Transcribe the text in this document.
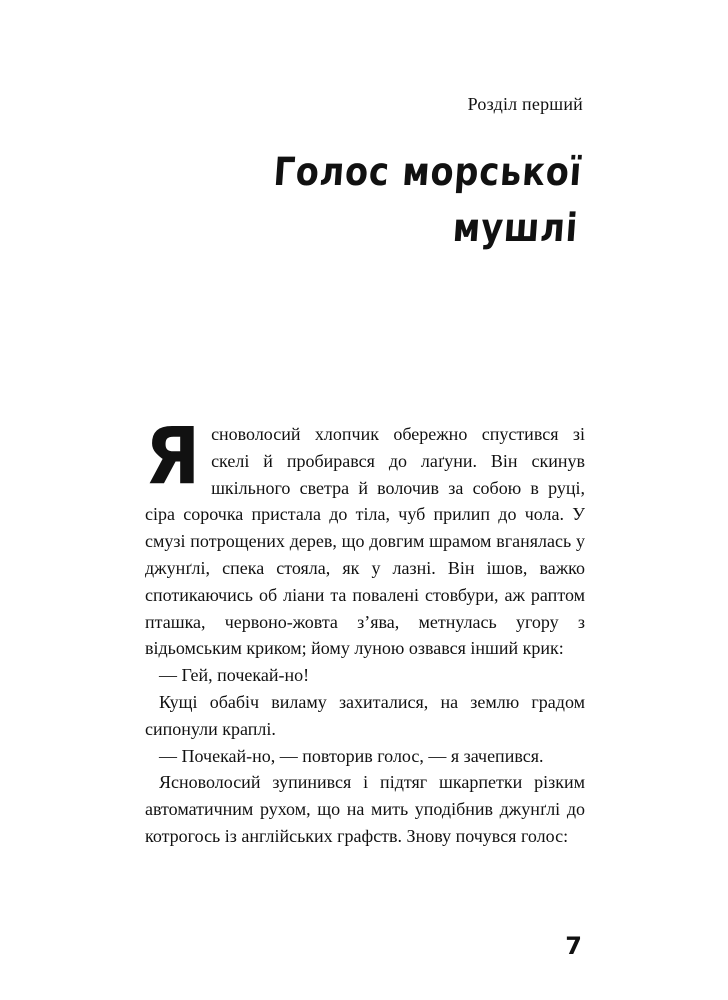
Розділ перший
Голос морської мушлі

Ясноволосий хлопчик обережно спустився зі скелі й пробирався до лаґуни. Він скинув шкільного светра й волочив за собою в руці, сіра сорочка пристала до тіла, чуб прилип до чола. У смузі потрощених дерев, що довгим шрамом вганялась у джунґлі, спека стояла, як у лазні. Він ішов, важко спотикаючись об ліани та повалені стовбури, аж раптом пташка, червоно-жовта з’ява, метнулась угору з відьомським криком; йому луною озвався інший крик:

— Гей, почекай-но!

Кущі обабіч виламу захиталися, на землю градом сипонули краплі.

— Почекай-но, — повторив голос, — я зачепився.

Ясноволосий зупинився і підтяг шкарпетки різким автоматичним рухом, що на мить уподібнив джунґлі до котрогось із англійських графств. Знову почувся голос:

7
